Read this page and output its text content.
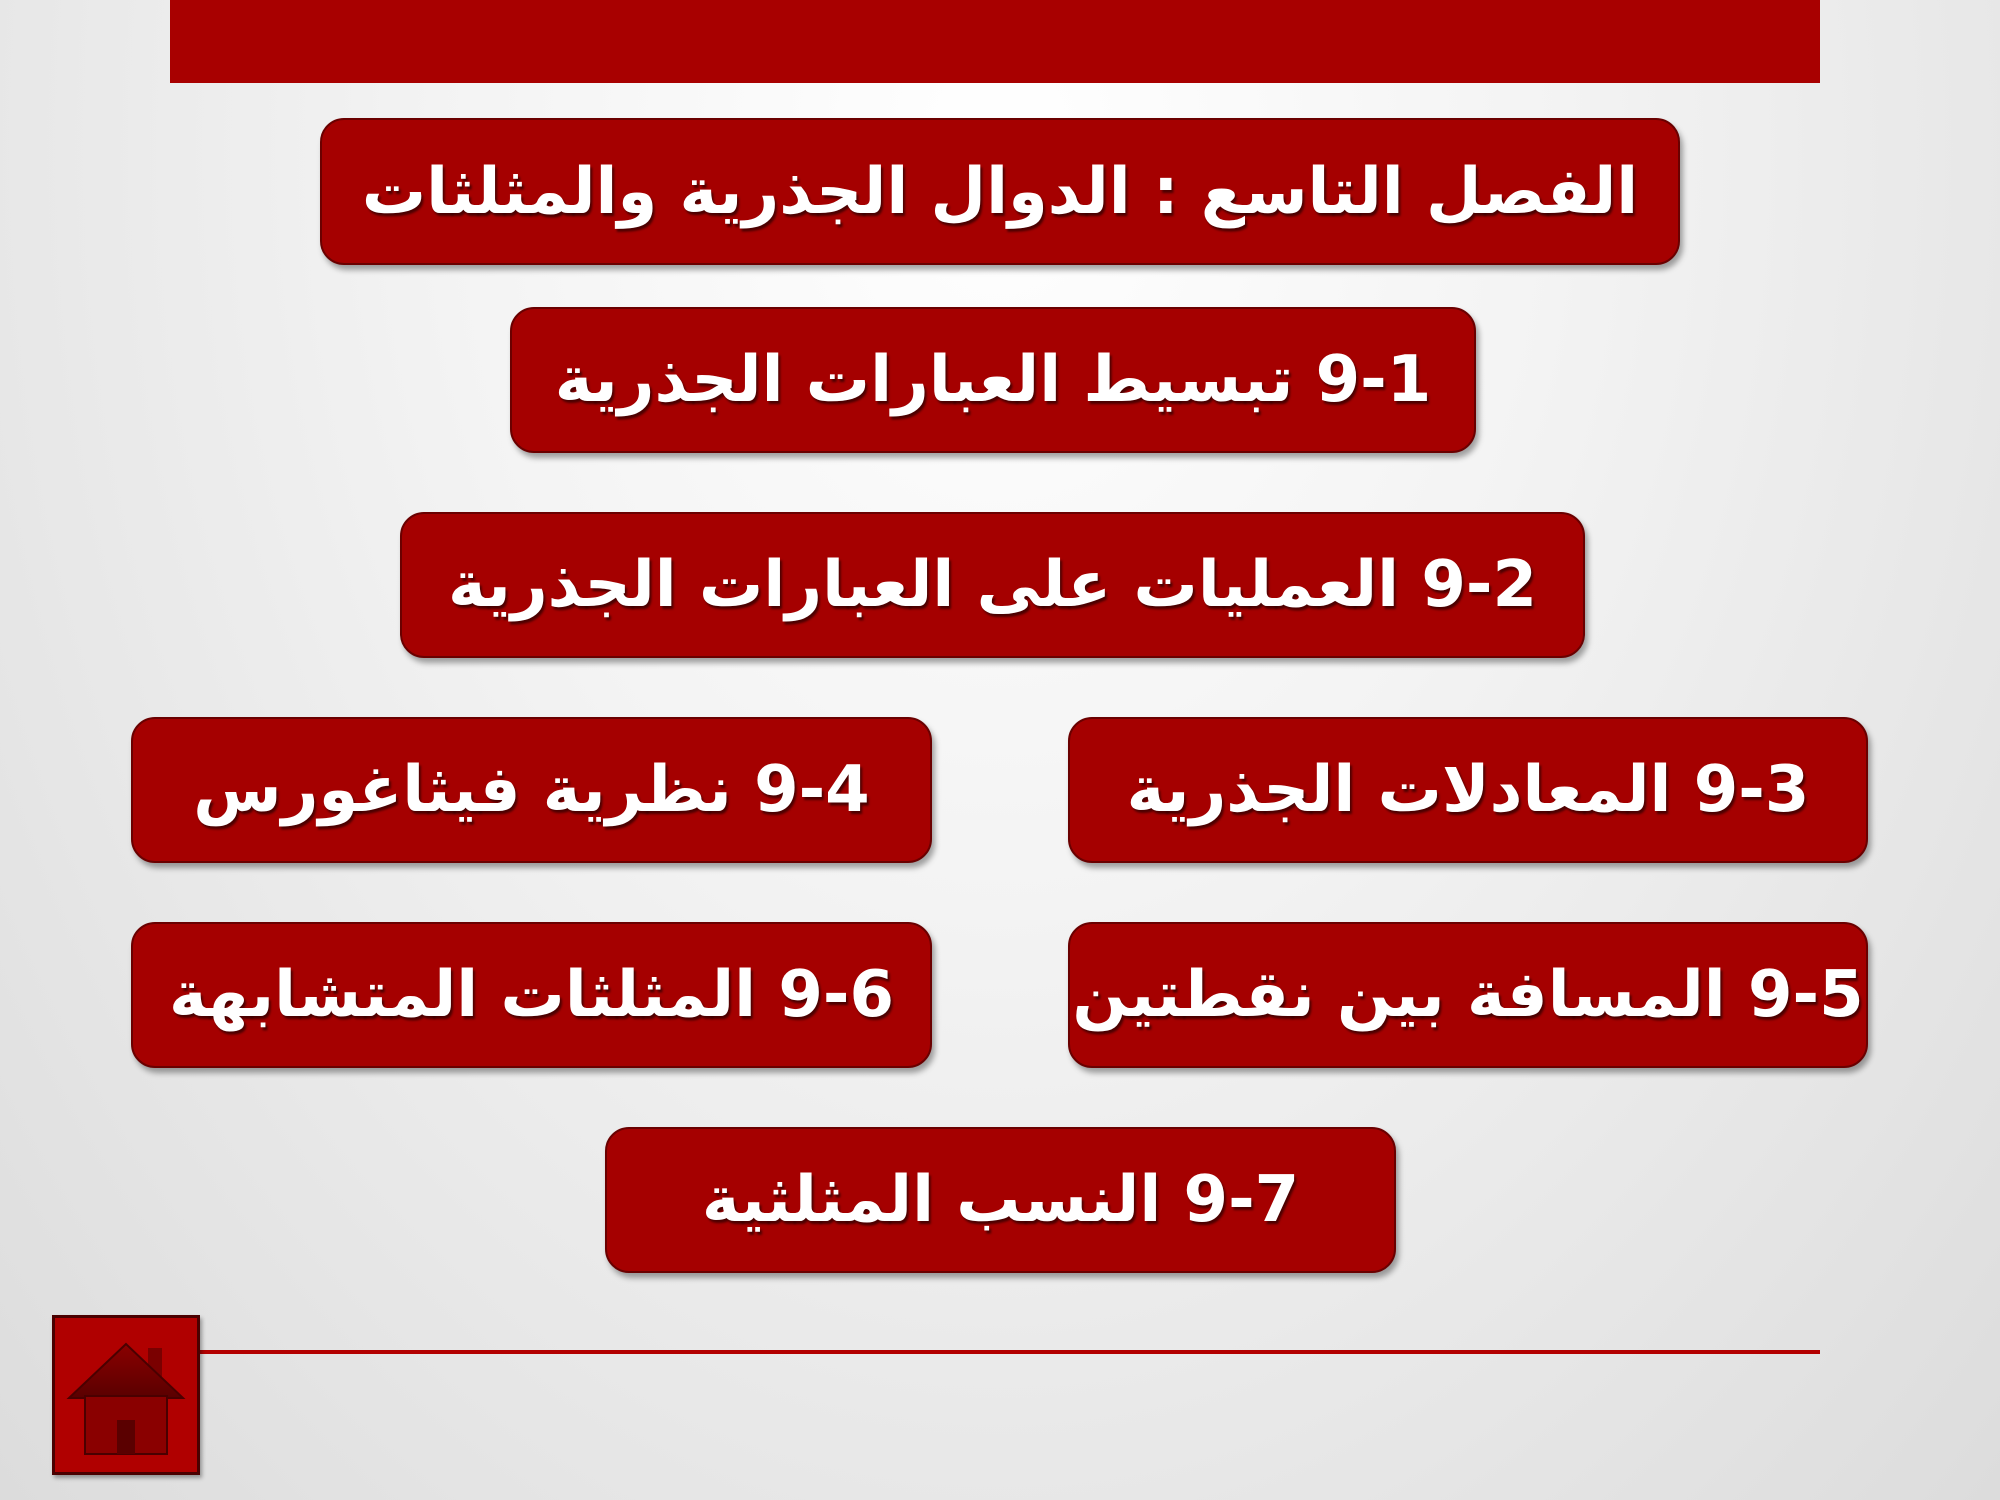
الفصل التاسع : الدوال الجذرية والمثلثات
9-1 تبسيط العبارات الجذرية
9-2 العمليات على العبارات الجذرية
9-3 المعادلات الجذرية
9-4 نظرية فيثاغورس
9-5 المسافة بين نقطتين
9-6 المثلثات المتشابهة
9-7 النسب المثلثية
